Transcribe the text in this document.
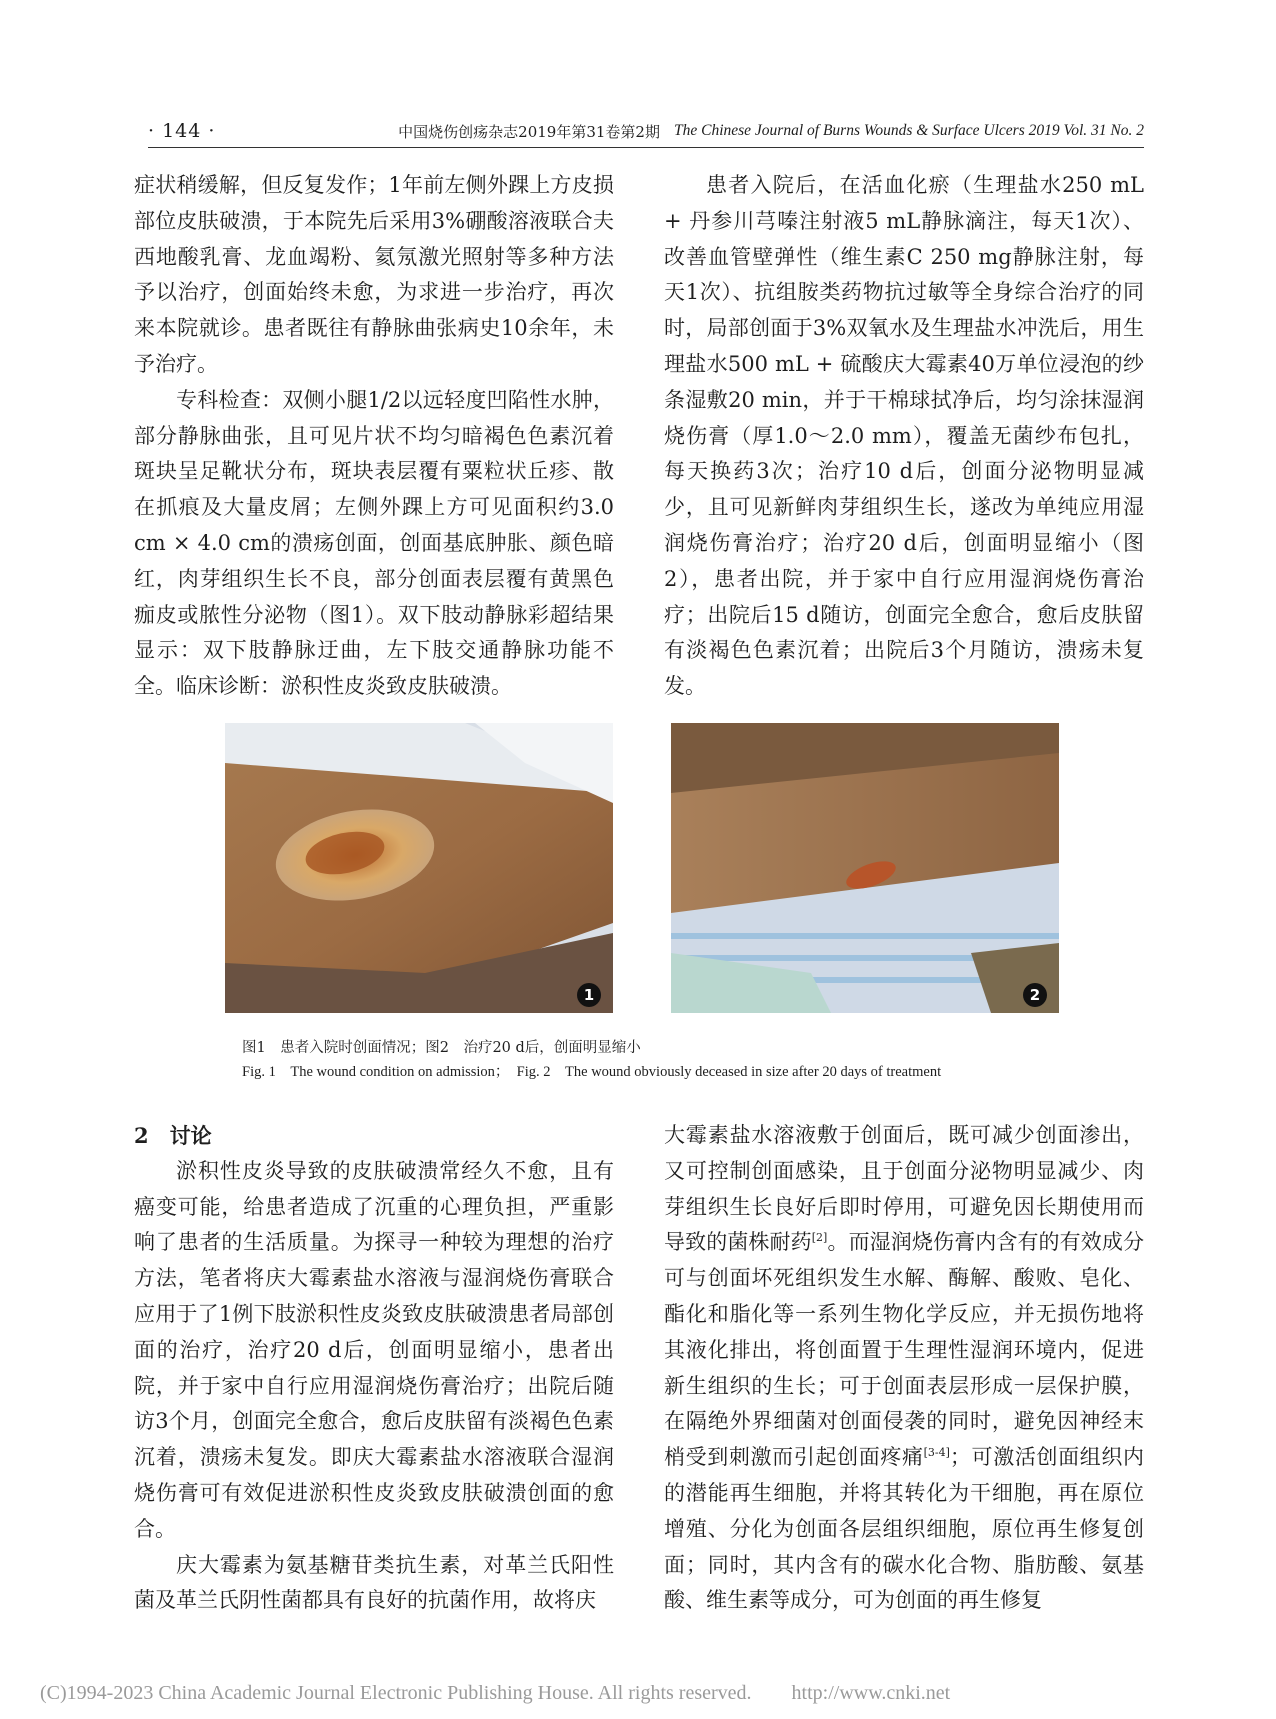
· 144 ·	中国烧伤创疡杂志2019年第31卷第2期 The Chinese Journal of Burns Wounds & Surface Ulcers 2019 Vol. 31 No. 2

症状稍缓解，但反复发作；1年前左侧外踝上方皮损部位皮肤破溃，于本院先后采用3%硼酸溶液联合夫西地酸乳膏、龙血竭粉、氦氖激光照射等多种方法予以治疗，创面始终未愈，为求进一步治疗，再次来本院就诊。患者既往有静脉曲张病史10余年，未予治疗。

专科检查：双侧小腿1/2以远轻度凹陷性水肿，部分静脉曲张，且可见片状不均匀暗褐色色素沉着斑块呈足靴状分布，斑块表层覆有粟粒状丘疹、散在抓痕及大量皮屑；左侧外踝上方可见面积约3.0 cm × 4.0 cm的溃疡创面，创面基底肿胀、颜色暗红，肉芽组织生长不良，部分创面表层覆有黄黑色痂皮或脓性分泌物（图1）。双下肢动静脉彩超结果显示：双下肢静脉迂曲，左下肢交通静脉功能不全。临床诊断：淤积性皮炎致皮肤破溃。

患者入院后，在活血化瘀（生理盐水250 mL + 丹参川芎嗪注射液5 mL静脉滴注，每天1次）、改善血管壁弹性（维生素C 250 mg静脉注射，每天1次）、抗组胺类药物抗过敏等全身综合治疗的同时，局部创面于3%双氧水及生理盐水冲洗后，用生理盐水500 mL + 硫酸庆大霉素40万单位浸泡的纱条湿敷20 min，并于干棉球拭净后，均匀涂抹湿润烧伤膏（厚1.0～2.0 mm），覆盖无菌纱布包扎，每天换药3次；治疗10 d后，创面分泌物明显减少，且可见新鲜肉芽组织生长，遂改为单纯应用湿润烧伤膏治疗；治疗20 d后，创面明显缩小（图2），患者出院，并于家中自行应用湿润烧伤膏治疗；出院后15 d随访，创面完全愈合，愈后皮肤留有淡褐色色素沉着；出院后3个月随访，溃疡未复发。

1	2
图1　患者入院时创面情况；图2　治疗20 d后，创面明显缩小
Fig. 1　The wound condition on admission；　Fig. 2　The wound obviously deceased in size after 20 days of treatment
2　讨论

淤积性皮炎导致的皮肤破溃常经久不愈，且有癌变可能，给患者造成了沉重的心理负担，严重影响了患者的生活质量。为探寻一种较为理想的治疗方法，笔者将庆大霉素盐水溶液与湿润烧伤膏联合应用于了1例下肢淤积性皮炎致皮肤破溃患者局部创面的治疗，治疗20 d后，创面明显缩小，患者出院，并于家中自行应用湿润烧伤膏治疗；出院后随访3个月，创面完全愈合，愈后皮肤留有淡褐色色素沉着，溃疡未复发。即庆大霉素盐水溶液联合湿润烧伤膏可有效促进淤积性皮炎致皮肤破溃创面的愈合。

庆大霉素为氨基糖苷类抗生素，对革兰氏阳性菌及革兰氏阴性菌都具有良好的抗菌作用，故将庆

大霉素盐水溶液敷于创面后，既可减少创面渗出，又可控制创面感染，且于创面分泌物明显减少、肉芽组织生长良好后即时停用，可避免因长期使用而导致的菌株耐药[2]。而湿润烧伤膏内含有的有效成分可与创面坏死组织发生水解、酶解、酸败、皂化、酯化和脂化等一系列生物化学反应，并无损伤地将其液化排出，将创面置于生理性湿润环境内，促进新生组织的生长；可于创面表层形成一层保护膜，在隔绝外界细菌对创面侵袭的同时，避免因神经末梢受到刺激而引起创面疼痛[3-4]；可激活创面组织内的潜能再生细胞，并将其转化为干细胞，再在原位增殖、分化为创面各层组织细胞，原位再生修复创面；同时，其内含有的碳水化合物、脂肪酸、氨基酸、维生素等成分，可为创面的再生修复

(C)1994-2023 China Academic Journal Electronic Publishing House. All rights reserved.　　http://www.cnki.net
